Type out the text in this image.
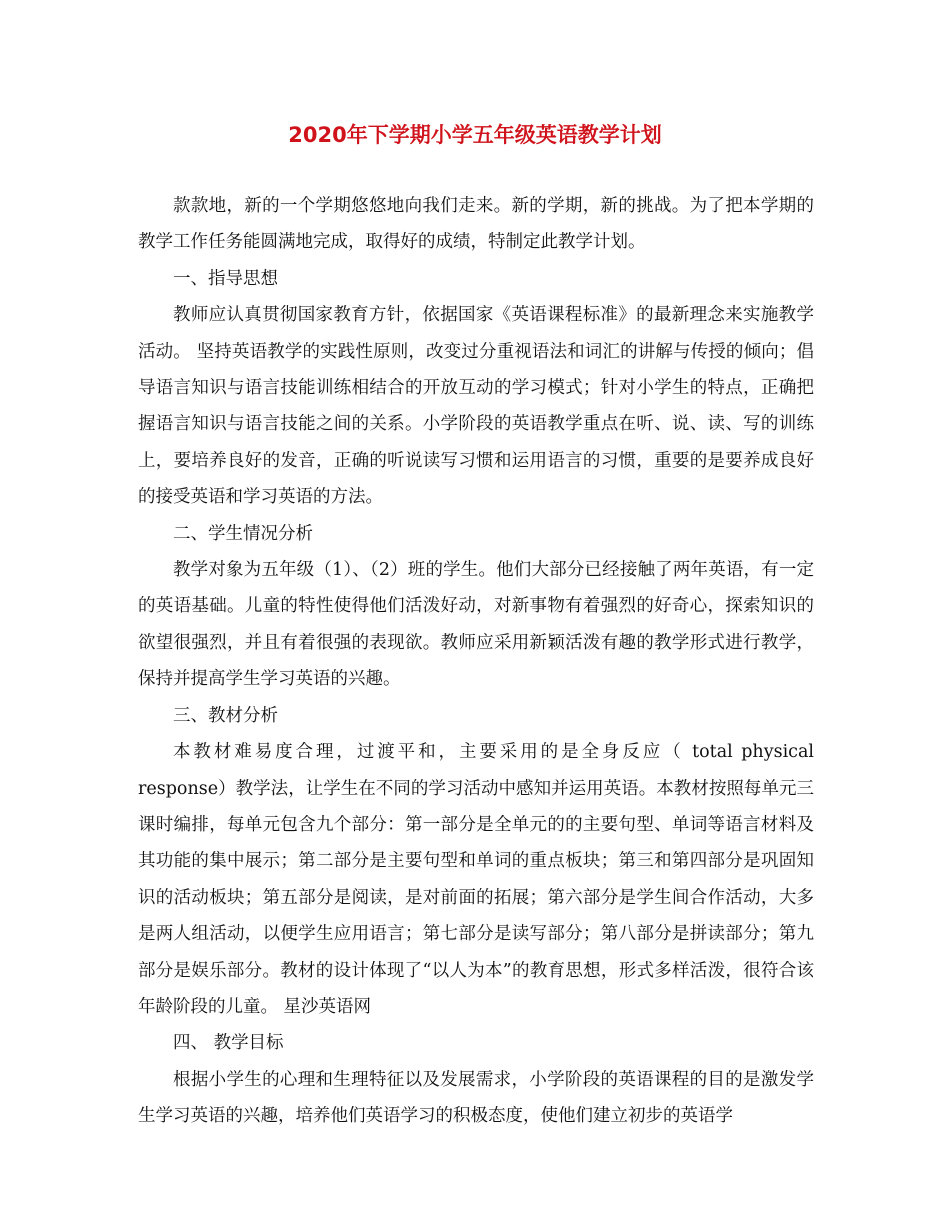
2020年下学期小学五年级英语教学计划

款款地，新的一个学期悠悠地向我们走来。新的学期，新的挑战。为了把本学期的教学工作任务能圆满地完成，取得好的成绩，特制定此教学计划。

一、指导思想

教师应认真贯彻国家教育方针，依据国家《英语课程标准》的最新理念来实施教学活动。 坚持英语教学的实践性原则，改变过分重视语法和词汇的讲解与传授的倾向；倡导语言知识与语言技能训练相结合的开放互动的学习模式；针对小学生的特点，正确把握语言知识与语言技能之间的关系。小学阶段的英语教学重点在听、说、读、写的训练上，要培养良好的发音，正确的听说读写习惯和运用语言的习惯，重要的是要养成良好的接受英语和学习英语的方法。

二、学生情况分析

教学对象为五年级（1）、（2）班的学生。他们大部分已经接触了两年英语，有一定的英语基础。儿童的特性使得他们活泼好动，对新事物有着强烈的好奇心，探索知识的欲望很强烈，并且有着很强的表现欲。教师应采用新颖活泼有趣的教学形式进行教学，保持并提高学生学习英语的兴趣。

三、教材分析

本教材难易度合理，过渡平和，主要采用的是全身反应（ total physical response）教学法，让学生在不同的学习活动中感知并运用英语。本教材按照每单元三课时编排，每单元包含九个部分：第一部分是全单元的的主要句型、单词等语言材料及其功能的集中展示；第二部分是主要句型和单词的重点板块；第三和第四部分是巩固知识的活动板块；第五部分是阅读，是对前面的拓展；第六部分是学生间合作活动，大多是两人组活动，以便学生应用语言；第七部分是读写部分；第八部分是拼读部分；第九部分是娱乐部分。教材的设计体现了“以人为本”的教育思想，形式多样活泼，很符合该年龄阶段的儿童。 星沙英语网

四、 教学目标

根据小学生的心理和生理特征以及发展需求，小学阶段的英语课程的目的是激发学生学习英语的兴趣，培养他们英语学习的积极态度，使他们建立初步的英语学
